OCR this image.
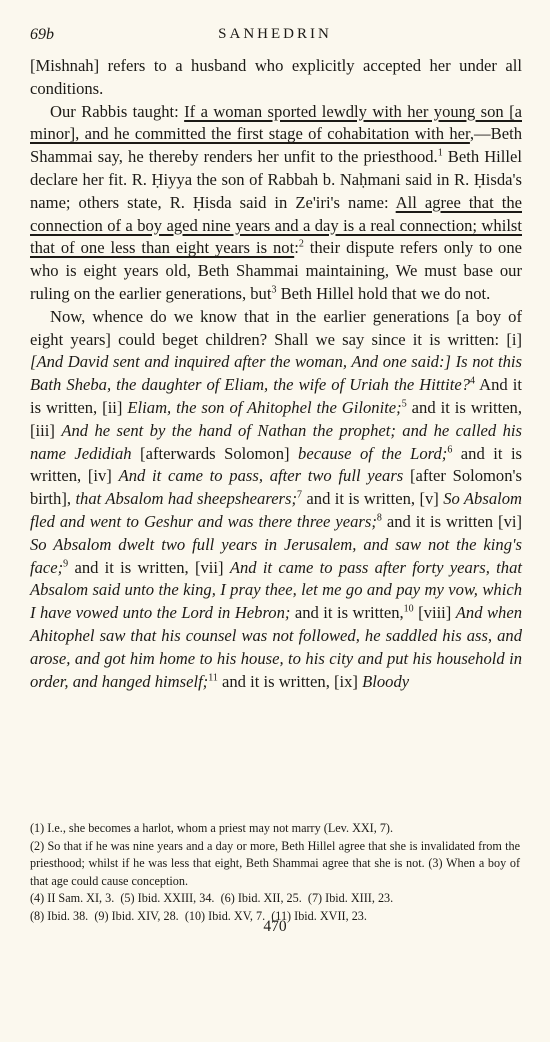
69b	SANHEDRIN

[Mishnah] refers to a husband who explicitly accepted her under all conditions.

Our Rabbis taught: If a woman sported lewdly with her young son [a minor], and he committed the first stage of cohabitation with her,—Beth Shammai say, he thereby renders her unfit to the priesthood.$^1$ Beth Hillel declare her fit. R. Ḥiyya the son of Rabbah b. Naḥmani said in R. Ḥisda's name; others state, R. Ḥisda said in Ze'iri's name: All agree that the connection of a boy aged nine years and a day is a real connection; whilst that of one less than eight years is not:$^2$ their dispute refers only to one who is eight years old, Beth Shammai maintaining, We must base our ruling on the earlier generations, but$^3$ Beth Hillel hold that we do not.

Now, whence do we know that in the earlier generations [a boy of eight years] could beget children? Shall we say since it is written: [i] [And David sent and inquired after the woman, And one said:] Is not this Bath Sheba, the daughter of Eliam, the wife of Uriah the Hittite?$^4$ And it is written, [ii] Eliam, the son of Ahitophel the Gilonite;$^5$ and it is written, [iii] And he sent by the hand of Nathan the prophet; and he called his name Jedidiah [afterwards Solomon] because of the Lord;$^6$ and it is written, [iv] And it came to pass, after two full years [after Solomon's birth], that Absalom had sheepshearers;$^7$ and it is written, [v] So Absalom fled and went to Geshur and was there three years;$^8$ and it is written [vi] So Absalom dwelt two full years in Jerusalem, and saw not the king's face;$^9$ and it is written, [vii] And it came to pass after forty years, that Absalom said unto the king, I pray thee, let me go and pay my vow, which I have vowed unto the Lord in Hebron; and it is written,$^{10}$ [viii] And when Ahitophel saw that his counsel was not followed, he saddled his ass, and arose, and got him home to his house, to his city and put his household in order, and hanged himself;$^{11}$ and it is written, [ix] Bloody

(1) I.e., she becomes a harlot, whom a priest may not marry (Lev. XXI, 7).

(2) So that if he was nine years and a day or more, Beth Hillel agree that she is invalidated from the priesthood; whilst if he was less that eight, Beth Shammai agree that she is not. (3) When a boy of that age could cause conception.

(4) II Sam. XI, 3. (5) Ibid. XXIII, 34. (6) Ibid. XII, 25. (7) Ibid. XIII, 23.

(8) Ibid. 38. (9) Ibid. XIV, 28. (10) Ibid. XV, 7. (11) Ibid. XVII, 23.

470
